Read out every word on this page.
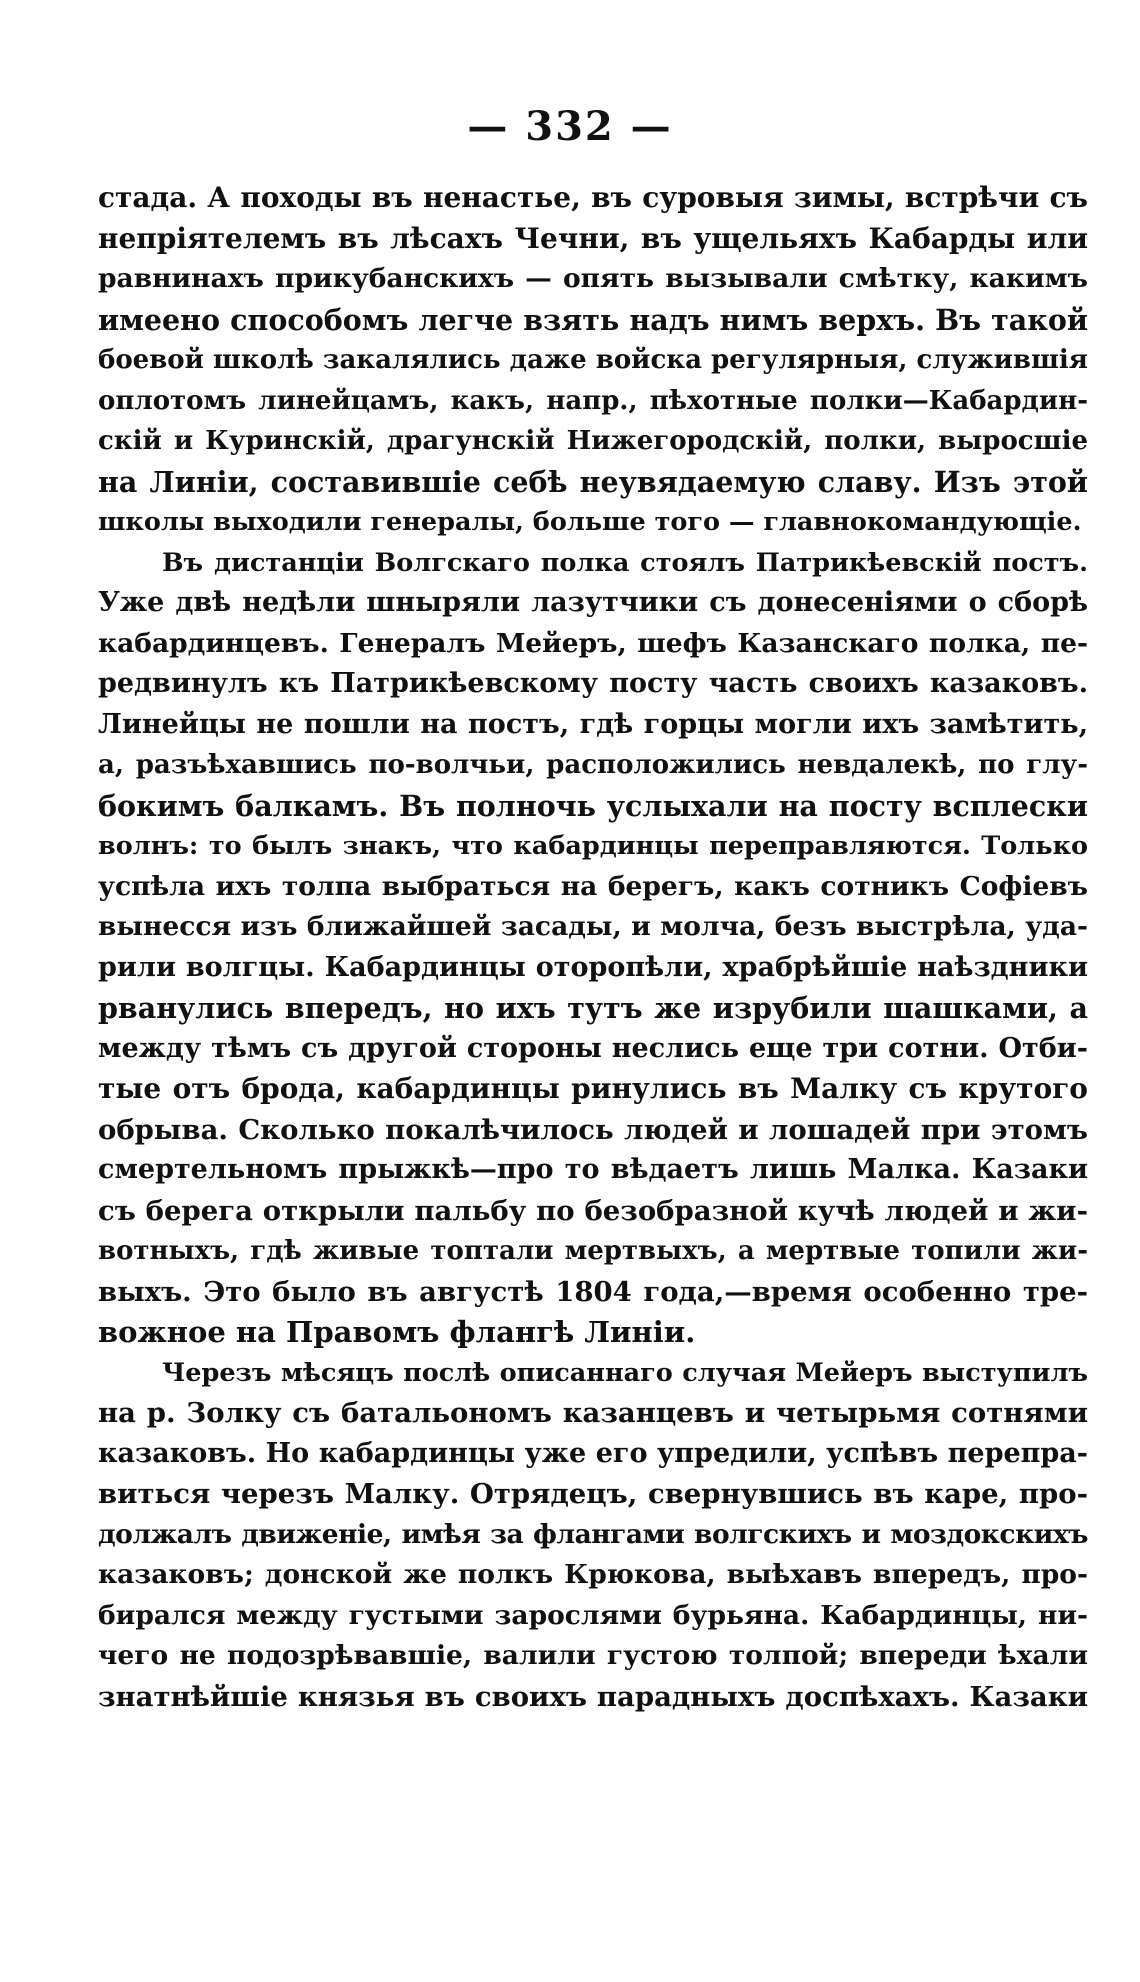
— 332 —
стада. А походы въ ненастье, въ суровыя зимы, встрѣчи съ
непріятелемъ въ лѣсахъ Чечни, въ ущельяхъ Кабарды или
равнинахъ прикубанскихъ — опять вызывали смѣтку, какимъ
имеено способомъ легче взять надъ нимъ верхъ. Въ такой
боевой школѣ закалялись даже войска регулярныя, служившія
оплотомъ линейцамъ, какъ, напр., пѣхотные полки—Кабардин-
скій и Куринскій, драгунскій Нижегородскій, полки, выросшіе
на Линіи, составившіе себѣ неувядаемую славу. Изъ этой
школы выходили генералы, больше того — главнокомандующіе.
Въ дистанціи Волгскаго полка стоялъ Патрикѣевскій постъ.
Уже двѣ недѣли шныряли лазутчики съ донесеніями о сборѣ
кабардинцевъ. Генералъ Мейеръ, шефъ Казанскаго полка, пе-
редвинулъ къ Патрикѣевскому посту часть своихъ казаковъ.
Линейцы не пошли на постъ, гдѣ горцы могли ихъ замѣтить,
а, разъѣхавшись по-волчьи, расположились невдалекѣ, по глу-
бокимъ балкамъ. Въ полночь услыхали на посту всплески
волнъ: то былъ знакъ, что кабардинцы переправляются. Только
успѣла ихъ толпа выбраться на берегъ, какъ сотникъ Софіевъ
вынесся изъ ближайшей засады, и молча, безъ выстрѣла, уда-
рили волгцы. Кабардинцы оторопѣли, храбрѣйшіе наѣздники
рванулись впередъ, но ихъ тутъ же изрубили шашками, а
между тѣмъ съ другой стороны неслись еще три сотни. Отби-
тые отъ брода, кабардинцы ринулись въ Малку съ крутого
обрыва. Сколько покалѣчилось людей и лошадей при этомъ
смертельномъ прыжкѣ—про то вѣдаетъ лишь Малка. Казаки
съ берега открыли пальбу по безобразной кучѣ людей и жи-
вотныхъ, гдѣ живые топтали мертвыхъ, а мертвые топили жи-
выхъ. Это было въ августѣ 1804 года,—время особенно тре-
вожное на Правомъ флангѣ Линіи.
Черезъ мѣсяцъ послѣ описаннаго случая Мейеръ выступилъ
на р. Золку съ батальономъ казанцевъ и четырьмя сотнями
казаковъ. Но кабардинцы уже его упредили, успѣвъ перепра-
виться черезъ Малку. Отрядецъ, свернувшись въ каре, про-
должалъ движеніе, имѣя за флангами волгскихъ и моздокскихъ
казаковъ; донской же полкъ Крюкова, выѣхавъ впередъ, про-
бирался между густыми зарослями бурьяна. Кабардинцы, ни-
чего не подозрѣвавшіе, валили густою толпой; впереди ѣхали
знатнѣйшіе князья въ своихъ парадныхъ доспѣхахъ. Казаки
